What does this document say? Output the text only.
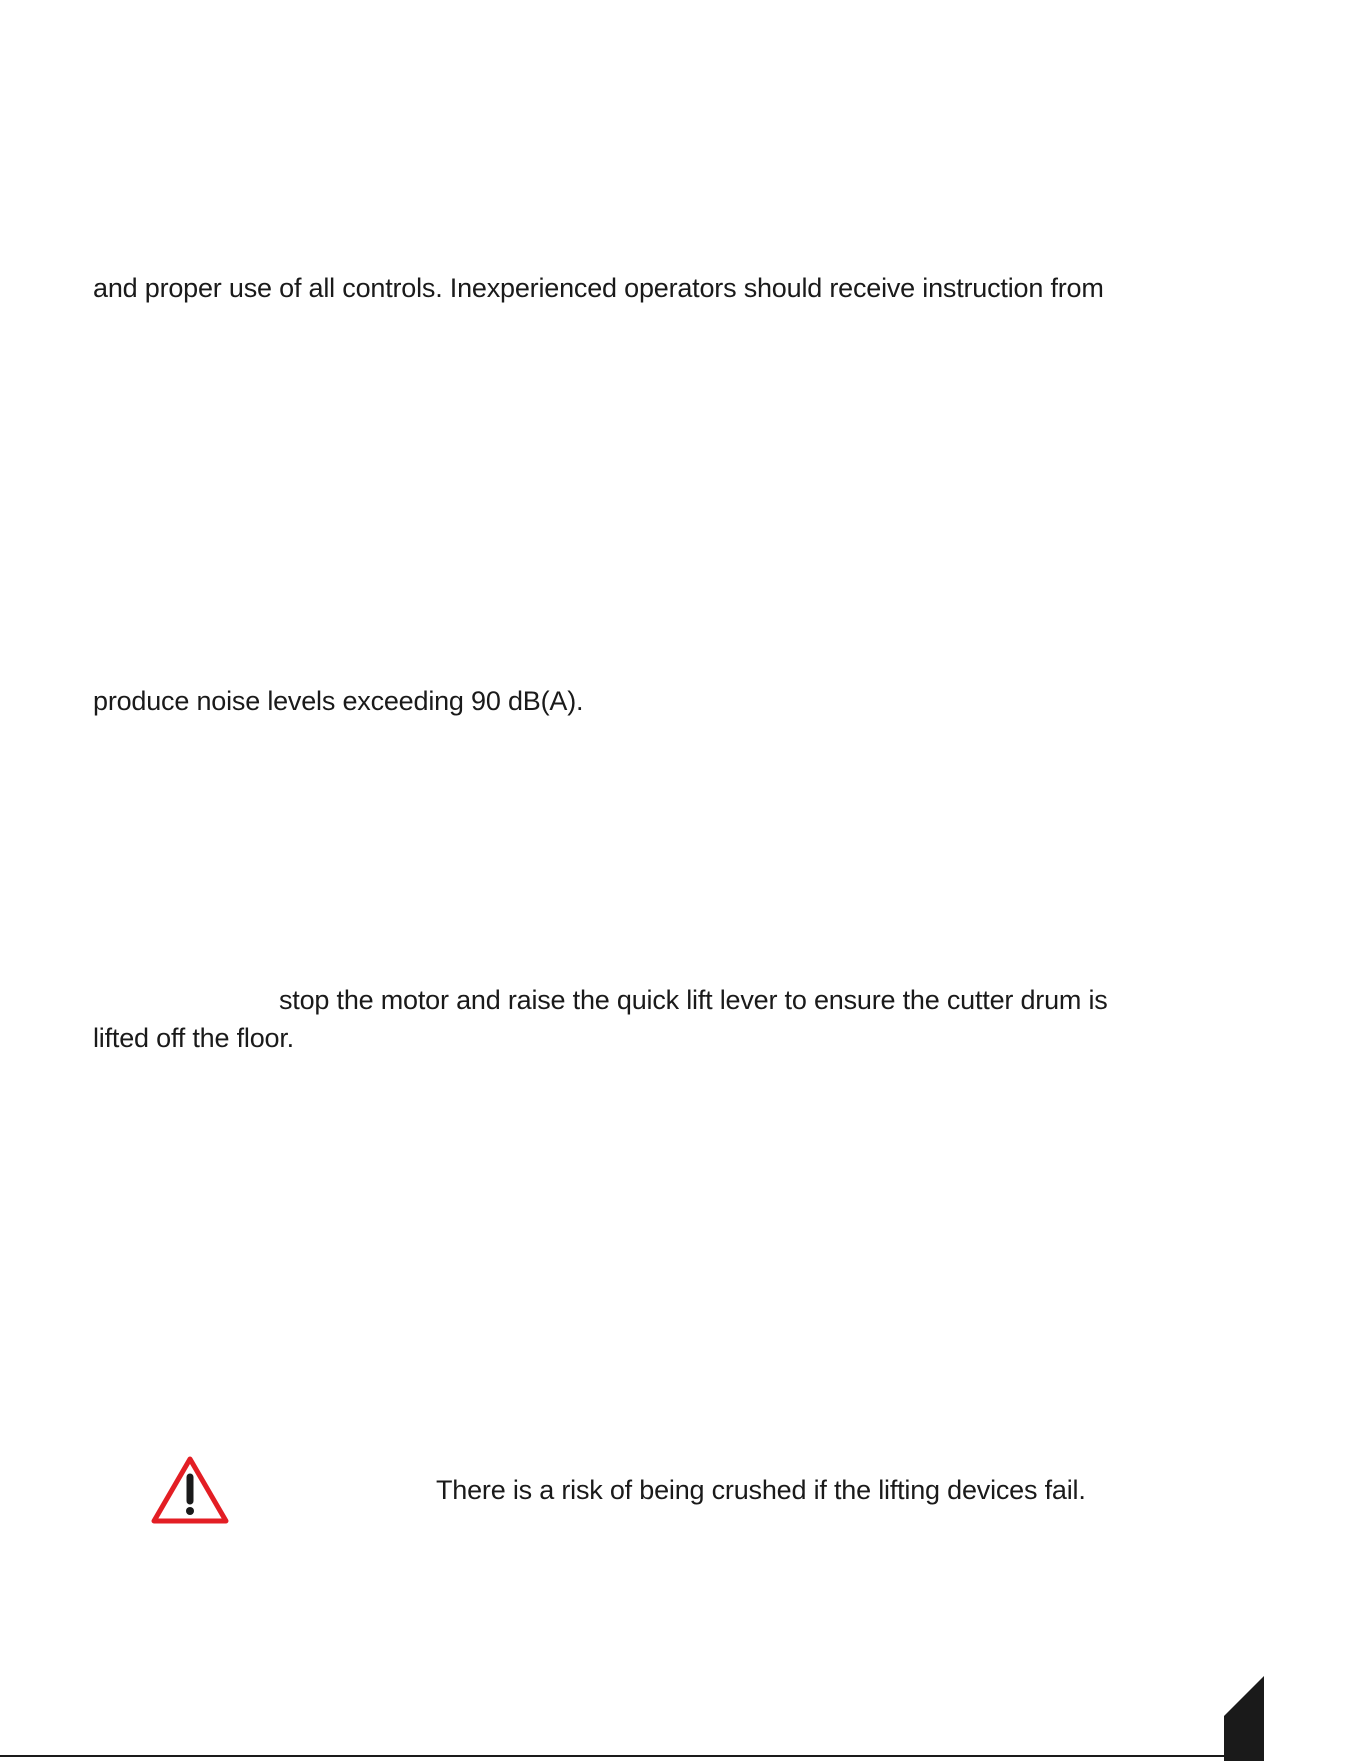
and proper use of all controls. Inexperienced operators should receive instruction from
produce noise levels exceeding 90 dB(A).
stop the motor and raise the quick lift lever to ensure the cutter drum is
lifted off the floor.
There is a risk of being crushed if the lifting devices fail.
